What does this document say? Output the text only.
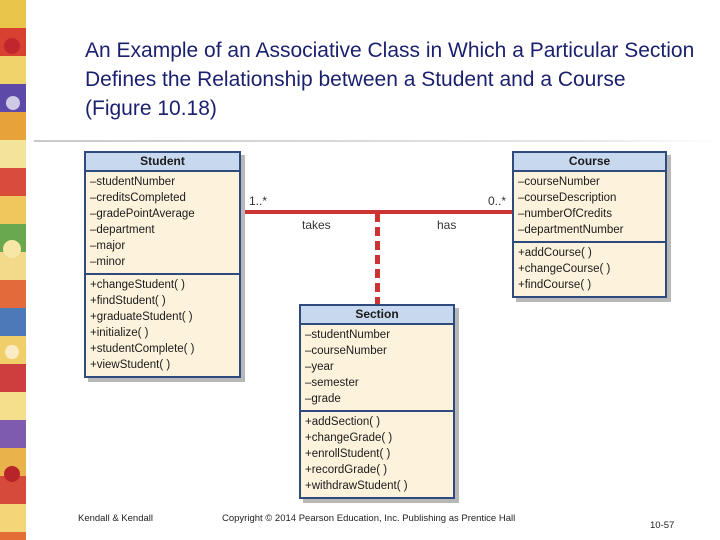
An Example of an Associative Class in Which a Particular Section Defines the Relationship between a Student and a Course (Figure 10.18)
1..*	0..*
takes	has
Student
–studentNumber
–creditsCompleted
–gradePointAverage
–department
–major
–minor
+changeStudent( )
+findStudent( )
+graduateStudent( )
+initialize( )
+studentComplete( )
+viewStudent( )
Course
–courseNumber
–courseDescription
–numberOfCredits
–departmentNumber
+addCourse( )
+changeCourse( )
+findCourse( )
Section
–studentNumber
–courseNumber
–year
–semester
–grade
+addSection( )
+changeGrade( )
+enrollStudent( )
+recordGrade( )
+withdrawStudent( )
Kendall & Kendall	Copyright © 2014 Pearson Education, Inc. Publishing as Prentice Hall
10-57
